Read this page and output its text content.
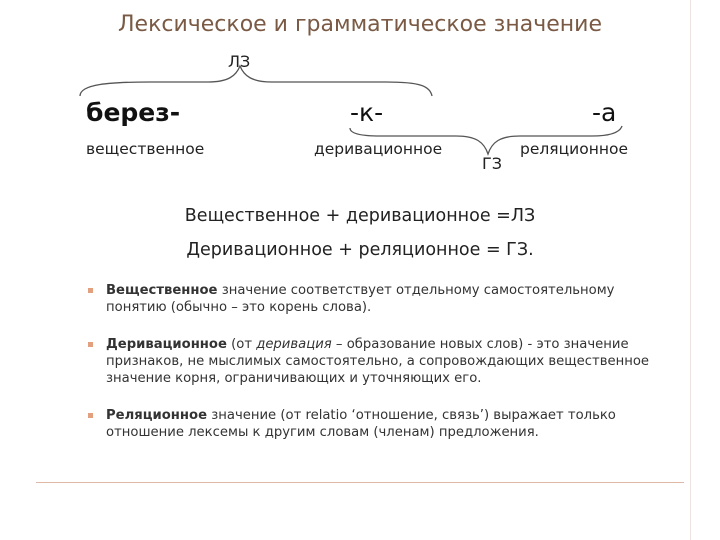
Лексическое и грамматическое значение
ЛЗ
берез-	-к-	-а
вещественное	деривационное	реляционное
ГЗ
Вещественное + деривационное =ЛЗ
Деривационное + реляционное = ГЗ.
Вещественное значение соответствует отдельному самостоятельному понятию (обычно – это корень слова).
Деривационное (от деривация – образование новых слов) - это значение признаков, не мыслимых самостоятельно, а сопровождающих вещественное значение корня, ограничивающих и уточняющих его.
Реляционное значение (от relatio ‘отношение, связь’) выражает только отношение лексемы к другим словам (членам) предложения.
